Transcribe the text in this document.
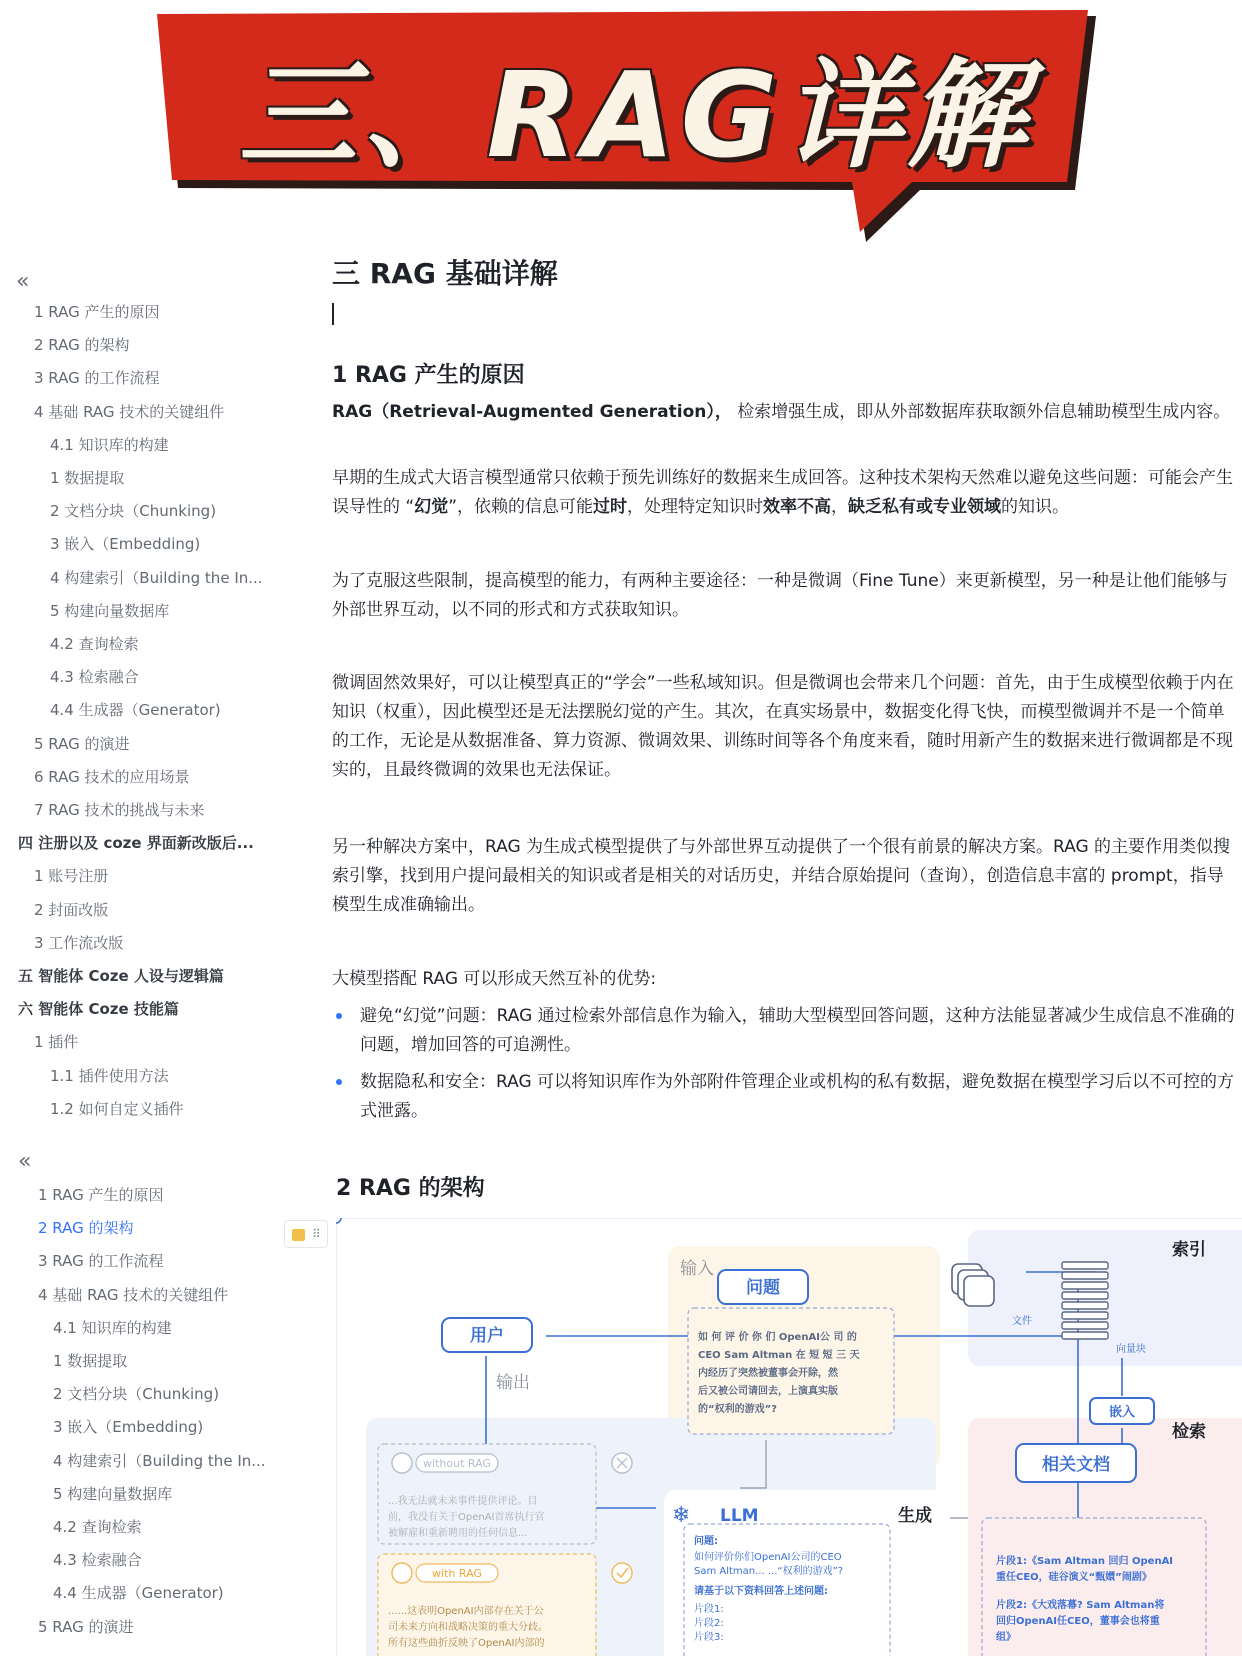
三、RAG详解
«
1 RAG 产生的原因
2 RAG 的架构
3 RAG 的工作流程
4 基础 RAG 技术的关键组件
4.1 知识库的构建
1 数据提取
2 文档分块（Chunking)
3 嵌入（Embedding)
4 构建索引（Building the In...
5 构建向量数据库
4.2 查询检索
4.3 检索融合
4.4 生成器（Generator)
5 RAG 的演进
6 RAG 技术的应用场景
7 RAG 技术的挑战与未来
四 注册以及 coze 界面新改版后...
1 账号注册
2 封面改版
3 工作流改版
五 智能体 Coze 人设与逻辑篇
六 智能体 Coze 技能篇
1 插件
1.1 插件使用方法
1.2 如何自定义插件
«
1 RAG 产生的原因
2 RAG 的架构
3 RAG 的工作流程
4 基础 RAG 技术的关键组件
4.1 知识库的构建
1 数据提取
2 文档分块（Chunking)
3 嵌入（Embedding)
4 构建索引（Building the In...
5 构建向量数据库
4.2 查询检索
4.3 检索融合
4.4 生成器（Generator)
5 RAG 的演进
三 RAG 基础详解
1 RAG 产生的原因
RAG（Retrieval-Augmented Generation）， 检索增强生成，即从外部数据库获取额外信息辅助模型生成内容。
早期的生成式大语言模型通常只依赖于预先训练好的数据来生成回答。这种技术架构天然难以避免这些问题：可能会产生误导性的 “幻觉”，依赖的信息可能过时，处理特定知识时效率不高，缺乏私有或专业领域的知识。
为了克服这些限制，提高模型的能力，有两种主要途径：一种是微调（Fine Tune）来更新模型，另一种是让他们能够与外部世界互动，以不同的形式和方式获取知识。
微调固然效果好，可以让模型真正的“学会”一些私域知识。但是微调也会带来几个问题：首先，由于生成模型依赖于内在知识（权重），因此模型还是无法摆脱幻觉的产生。其次，在真实场景中，数据变化得飞快，而模型微调并不是一个简单的工作，无论是从数据准备、算力资源、微调效果、训练时间等各个角度来看，随时用新产生的数据来进行微调都是不现实的，且最终微调的效果也无法保证。
另一种解决方案中，RAG 为生成式模型提供了与外部世界互动提供了一个很有前景的解决方案。RAG 的主要作用类似搜索引擎，找到用户提问最相关的知识或者是相关的对话历史，并结合原始提问（查询），创造信息丰富的 prompt，指导模型生成准确输出。
大模型搭配 RAG 可以形成天然互补的优势:
避免“幻觉”问题：RAG 通过检索外部信息作为输入，辅助大型模型回答问题，这种方法能显著减少生成信息不准确的问题，增加回答的可追溯性。
数据隐私和安全：RAG 可以将知识库作为外部附件管理企业或机构的私有数据，避免数据在模型学习后以不可控的方式泄露。
2 RAG 的架构
⠿
❄
输入
问题
用户
输出
索引
文件
向量块
嵌入
检索
相关文档
without RAG
with RAG
LLM	生成
问题:
请基于以下资料回答上述问题:
如 何 评 价 你 们 OpenAI公 司 的
CEO Sam Altman 在 短 短 三 天
内经历了突然被董事会开除，然
后又被公司请回去，上演真实版
的“权利的游戏”?
...我无法就未来事件提供评论。目
前，我没有关于OpenAI首席执行官
被解雇和重新聘用的任何信息...
......这表明OpenAI内部存在关于公
司未来方向和战略决策的重大分歧。
所有这些曲折反映了OpenAI内部的
如何评价你们OpenAI公司的CEO
Sam Altman... ...“权利的游戏”?
片段1:
片段2:
片段3:
片段1:《Sam Altman 回归 OpenAI
重任CEO，硅谷演义“甄嬛”闹剧》
片段2:《大戏落幕? Sam Altman将
回归OpenAI任CEO，董事会也将重
组》
